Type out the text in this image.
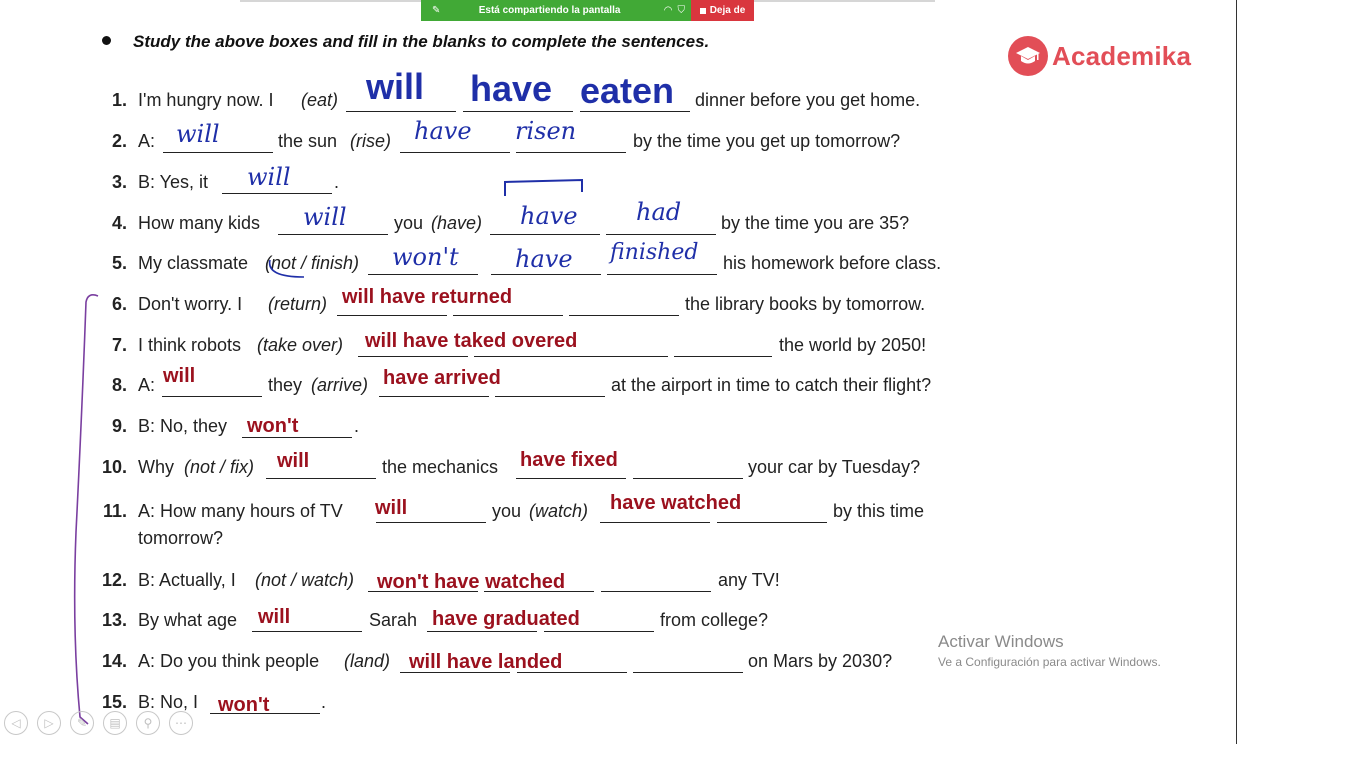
✎	Está compartiendo la pantalla	◠ ⛉ Deja de
Study the above boxes and fill in the blanks to complete the sentences.	Academika
1. I'm hungry now. I (eat)	dinner before you get home.
will have eaten
2. A:	the sun (rise)	by the time you get up tomorrow?
will	have risen
3. B: Yes, it	.
will
4. How many kids	you (have)	by the time you are 35?
will	have had
5. My classmate (not / finish)	his homework before class.
won't have finished
6. Don't worry. I (return)	the library books by tomorrow.
will have returned
7. I think robots (take over)	the world by 2050!
will have taked overed
8. A:	they (arrive)	at the airport in time to catch their flight?
will	have arrived
9. B: No, they	.
won't
10. Why (not / fix)	the mechanics	your car by Tuesday?
will	have fixed
11. A: How many hours of TV	you (watch)	by this time
tomorrow?
will	have watched
12. B: Actually, I (not / watch)	any TV!
won't have watched
13. By what age	Sarah	from college?
will	have graduated
14. A: Do you think people (land)	on Mars by 2030?
will have landed
15. B: No, I	.
won't
Activar Windows
Ve a Configuración para activar Windows.
◁	▷	✎	▤	⚲	⋯
